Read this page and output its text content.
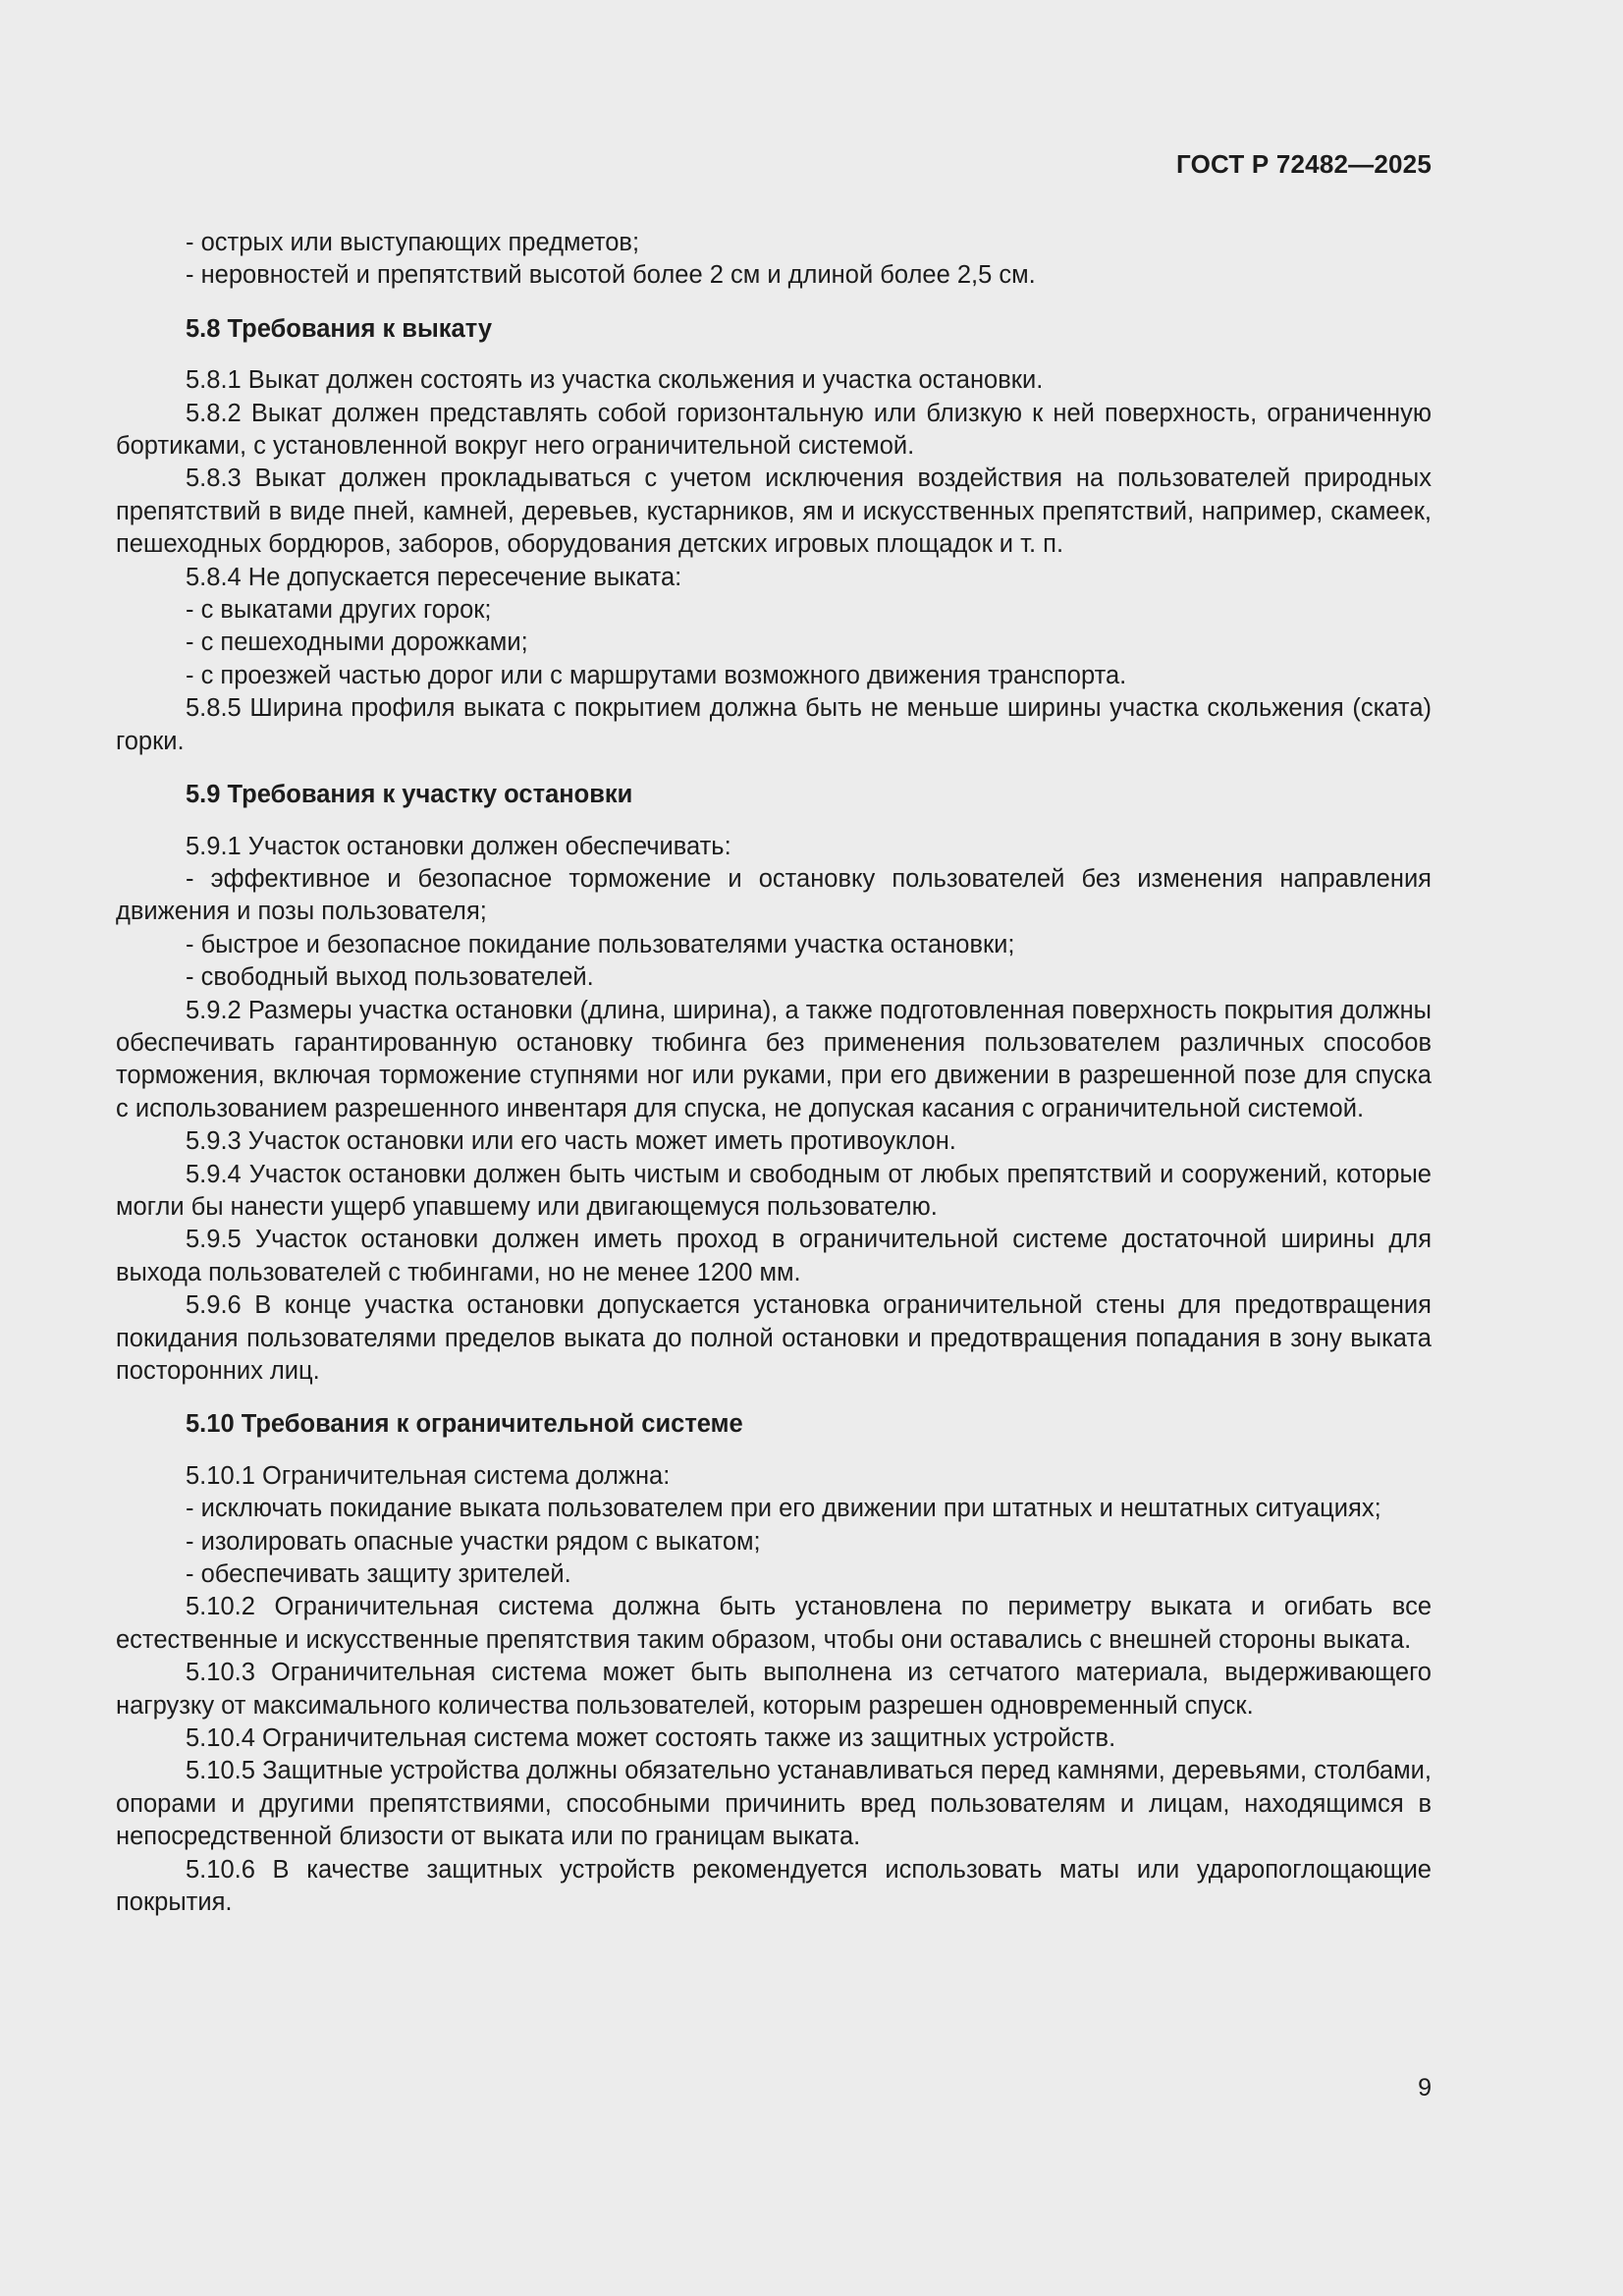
ГОСТ Р 72482—2025

- острых или выступающих предметов;

- неровностей и препятствий высотой более 2 см и длиной более 2,5 см.

5.8 Требования к выкату

5.8.1 Выкат должен состоять из участка скольжения и участка остановки.

5.8.2 Выкат должен представлять собой горизонтальную или близкую к ней поверхность, ограниченную бортиками, с установленной вокруг него ограничительной системой.

5.8.3 Выкат должен прокладываться с учетом исключения воздействия на пользователей природных препятствий в виде пней, камней, деревьев, кустарников, ям и искусственных препятствий, например, скамеек, пешеходных бордюров, заборов, оборудования детских игровых площадок и т. п.

5.8.4 Не допускается пересечение выката:

- с выкатами других горок;

- с пешеходными дорожками;

- с проезжей частью дорог или с маршрутами возможного движения транспорта.

5.8.5 Ширина профиля выката с покрытием должна быть не меньше ширины участка скольжения (ската) горки.

5.9 Требования к участку остановки

5.9.1 Участок остановки должен обеспечивать:

- эффективное и безопасное торможение и остановку пользователей без изменения направления движения и позы пользователя;

- быстрое и безопасное покидание пользователями участка остановки;

- свободный выход пользователей.

5.9.2 Размеры участка остановки (длина, ширина), а также подготовленная поверхность покрытия должны обеспечивать гарантированную остановку тюбинга без применения пользователем различных способов торможения, включая торможение ступнями ног или руками, при его движении в разрешенной позе для спуска с использованием разрешенного инвентаря для спуска, не допуская касания с ограничительной системой.

5.9.3 Участок остановки или его часть может иметь противоуклон.

5.9.4 Участок остановки должен быть чистым и свободным от любых препятствий и сооружений, которые могли бы нанести ущерб упавшему или двигающемуся пользователю.

5.9.5 Участок остановки должен иметь проход в ограничительной системе достаточной ширины для выхода пользователей с тюбингами, но не менее 1200 мм.

5.9.6 В конце участка остановки допускается установка ограничительной стены для предотвращения покидания пользователями пределов выката до полной остановки и предотвращения попадания в зону выката посторонних лиц.

5.10 Требования к ограничительной системе

5.10.1 Ограничительная система должна:

- исключать покидание выката пользователем при его движении при штатных и нештатных ситуациях;

- изолировать опасные участки рядом с выкатом;

- обеспечивать защиту зрителей.

5.10.2 Ограничительная система должна быть установлена по периметру выката и огибать все естественные и искусственные препятствия таким образом, чтобы они оставались с внешней стороны выката.

5.10.3 Ограничительная система может быть выполнена из сетчатого материала, выдерживающего нагрузку от максимального количества пользователей, которым разрешен одновременный спуск.

5.10.4 Ограничительная система может состоять также из защитных устройств.

5.10.5 Защитные устройства должны обязательно устанавливаться перед камнями, деревьями, столбами, опорами и другими препятствиями, способными причинить вред пользователям и лицам, находящимся в непосредственной близости от выката или по границам выката.

5.10.6 В качестве защитных устройств рекомендуется использовать маты или ударопоглощающие покрытия.

9
